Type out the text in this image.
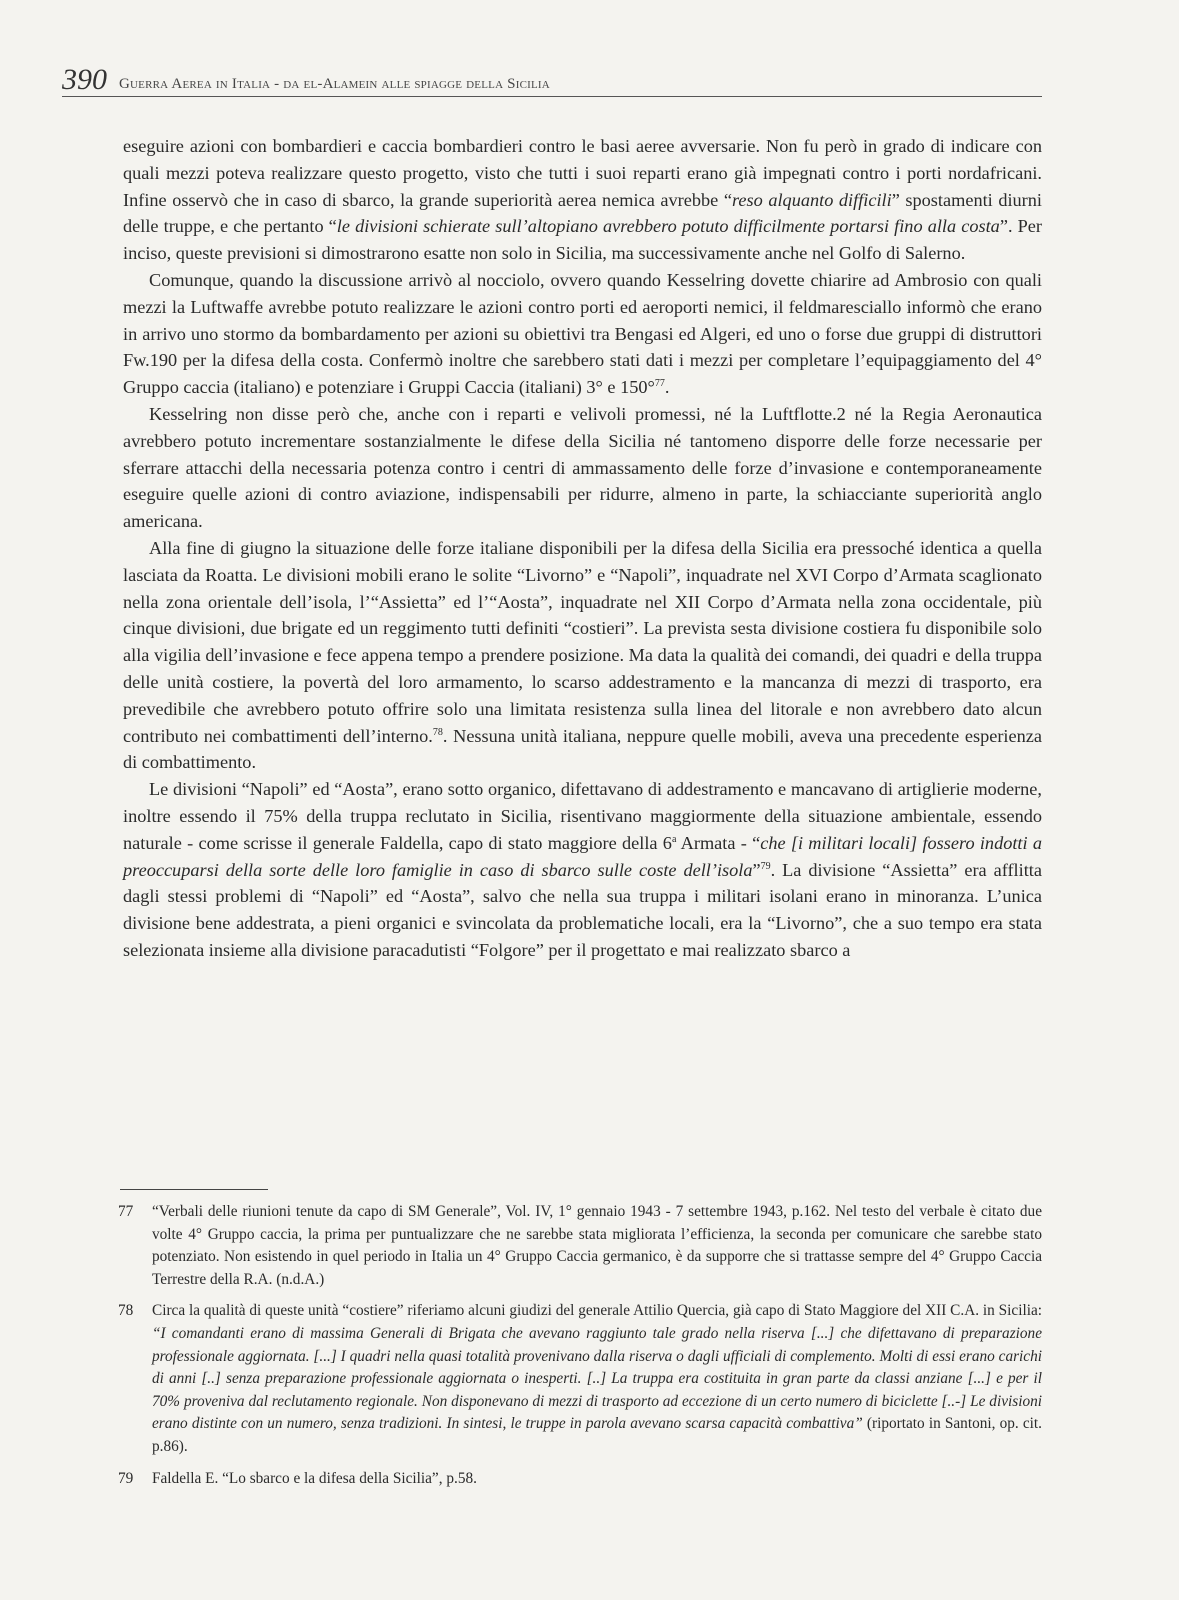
390 Guerra Aerea in Italia - da el-Alamein alle spiagge della Sicilia

eseguire azioni con bombardieri e caccia bombardieri contro le basi aeree avversarie. Non fu però in grado di indicare con quali mezzi poteva realizzare questo progetto, visto che tutti i suoi reparti erano già impegnati contro i porti nordafricani. Infine osservò che in caso di sbarco, la grande superiorità aerea nemica avrebbe “reso alquanto difficili” spostamenti diurni delle truppe, e che pertanto “le divisioni schierate sull’altopiano avrebbero potuto difficilmente portarsi fino alla costa”. Per inciso, queste previsioni si dimostrarono esatte non solo in Sicilia, ma successivamente anche nel Golfo di Salerno.

Comunque, quando la discussione arrivò al nocciolo, ovvero quando Kesselring dovette chiarire ad Ambrosio con quali mezzi la Luftwaffe avrebbe potuto realizzare le azioni contro porti ed aeroporti nemici, il feldmaresciallo informò che erano in arrivo uno stormo da bombardamento per azioni su obiettivi tra Bengasi ed Algeri, ed uno o forse due gruppi di distruttori Fw.190 per la difesa della costa. Confermò inoltre che sarebbero stati dati i mezzi per completare l’equipaggiamento del 4° Gruppo caccia (italiano) e potenziare i Gruppi Caccia (italiani) 3° e 150°$^{77}$.

Kesselring non disse però che, anche con i reparti e velivoli promessi, né la Luftflotte.2 né la Regia Aeronautica avrebbero potuto incrementare sostanzialmente le difese della Sicilia né tantomeno disporre delle forze necessarie per sferrare attacchi della necessaria potenza contro i centri di ammassamento delle forze d’invasione e contemporaneamente eseguire quelle azioni di contro aviazione, indispensabili per ridurre, almeno in parte, la schiacciante superiorità anglo americana.

Alla fine di giugno la situazione delle forze italiane disponibili per la difesa della Sicilia era pressoché identica a quella lasciata da Roatta. Le divisioni mobili erano le solite “Livorno” e “Napoli”, inquadrate nel XVI Corpo d’Armata scaglionato nella zona orientale dell’isola, l’“Assietta” ed l’“Aosta”, inquadrate nel XII Corpo d’Armata nella zona occidentale, più cinque divisioni, due brigate ed un reggimento tutti definiti “costieri”. La prevista sesta divisione costiera fu disponibile solo alla vigilia dell’invasione e fece appena tempo a prendere posizione. Ma data la qualità dei comandi, dei quadri e della truppa delle unità costiere, la povertà del loro armamento, lo scarso addestramento e la mancanza di mezzi di trasporto, era prevedibile che avrebbero potuto offrire solo una limitata resistenza sulla linea del litorale e non avrebbero dato alcun contributo nei combattimenti dell’interno.$^{78}$. Nessuna unità italiana, neppure quelle mobili, aveva una precedente esperienza di combattimento.

Le divisioni “Napoli” ed “Aosta”, erano sotto organico, difettavano di addestramento e mancavano di artiglierie moderne, inoltre essendo il 75% della truppa reclutato in Sicilia, risentivano maggiormente della situazione ambientale, essendo naturale - come scrisse il generale Faldella, capo di stato maggiore della 6$^a$ Armata - “che [i militari locali] fossero indotti a preoccuparsi della sorte delle loro famiglie in caso di sbarco sulle coste dell’isola”$^{79}$. La divisione “Assietta” era afflitta dagli stessi problemi di “Napoli” ed “Aosta”, salvo che nella sua truppa i militari isolani erano in minoranza. L’unica divisione bene addestrata, a pieni organici e svincolata da problematiche locali, era la “Livorno”, che a suo tempo era stata selezionata insieme alla divisione paracadutisti “Folgore” per il progettato e mai realizzato sbarco a

77	“Verbali delle riunioni tenute da capo di SM Generale”, Vol. IV, 1° gennaio 1943 - 7 settembre 1943, p.162. Nel testo del verbale è citato due volte 4° Gruppo caccia, la prima per puntualizzare che ne sarebbe stata migliorata l’efficienza, la seconda per comunicare che sarebbe stato potenziato. Non esistendo in quel periodo in Italia un 4° Gruppo Caccia germanico, è da supporre che si trattasse sempre del 4° Gruppo Caccia Terrestre della R.A. (n.d.A.)
78	Circa la qualità di queste unità “costiere” riferiamo alcuni giudizi del generale Attilio Quercia, già capo di Stato Maggiore del XII C.A. in Sicilia: “I comandanti erano di massima Generali di Brigata che avevano raggiunto tale grado nella riserva [...] che difettavano di preparazione professionale aggiornata. [...] I quadri nella quasi totalità provenivano dalla riserva o dagli ufficiali di complemento. Molti di essi erano carichi di anni [..] senza preparazione professionale aggiornata o inesperti. [..] La truppa era costituita in gran parte da classi anziane [...] e per il 70% proveniva dal reclutamento regionale. Non disponevano di mezzi di trasporto ad eccezione di un certo numero di biciclette [..-] Le divisioni erano distinte con un numero, senza tradizioni. In sintesi, le truppe in parola avevano scarsa capacità combattiva” (riportato in Santoni, op. cit. p.86).
79	Faldella E. “Lo sbarco e la difesa della Sicilia”, p.58.
